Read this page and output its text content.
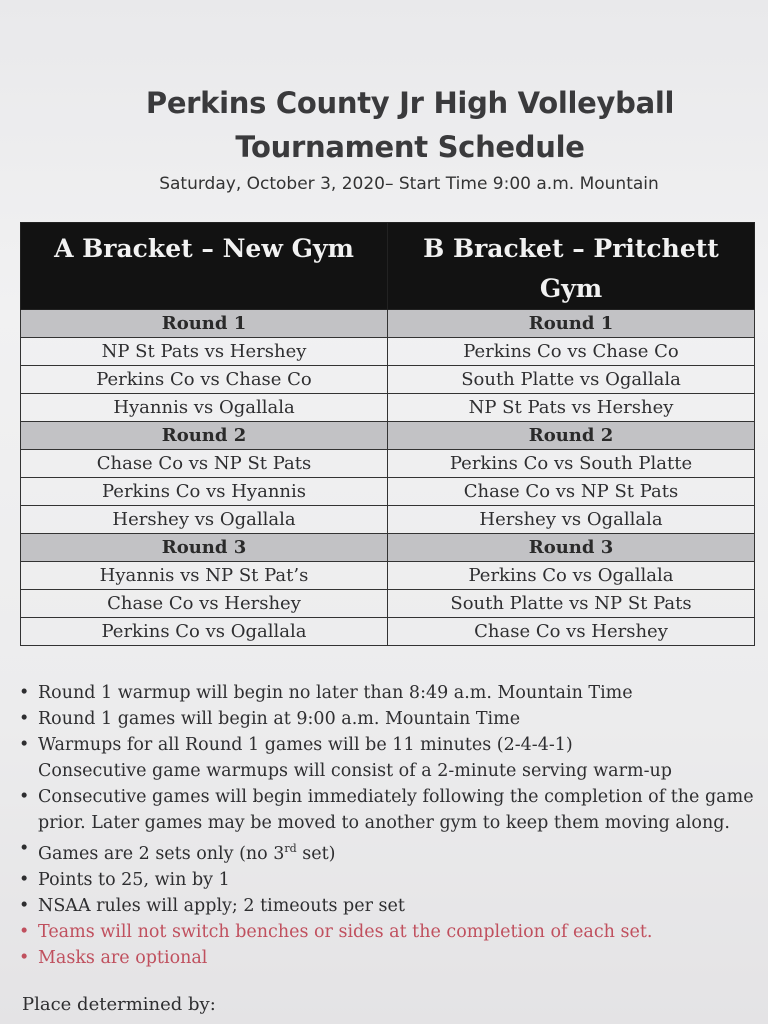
Perkins County Jr High Volleyball
Tournament Schedule
Saturday, October 3, 2020– Start Time 9:00 a.m. Mountain
A Bracket – New Gym	B Bracket – Pritchett Gym
Round 1	Round 1
NP St Pats vs Hershey	Perkins Co vs Chase Co
Perkins Co vs Chase Co	South Platte vs Ogallala
Hyannis vs Ogallala	NP St Pats vs Hershey
Round 2	Round 2
Chase Co vs NP St Pats	Perkins Co vs South Platte
Perkins Co vs Hyannis	Chase Co vs NP St Pats
Hershey vs Ogallala	Hershey vs Ogallala
Round 3	Round 3
Hyannis vs NP St Pat’s	Perkins Co vs Ogallala
Chase Co vs Hershey	South Platte vs NP St Pats
Perkins Co vs Ogallala	Chase Co vs Hershey
• Round 1 warmup will begin no later than 8:49 a.m. Mountain Time
• Round 1 games will begin at 9:00 a.m. Mountain Time
• Warmups for all Round 1 games will be 11 minutes (2-4-4-1)
Consecutive game warmups will consist of a 2-minute serving warm-up
• Consecutive games will begin immediately following the completion of the game
prior. Later games may be moved to another gym to keep them moving along.
• Games are 2 sets only (no 3rd set)
• Points to 25, win by 1
• NSAA rules will apply; 2 timeouts per set
• Teams will not switch benches or sides at the completion of each set.
• Masks are optional
Place determined by:
